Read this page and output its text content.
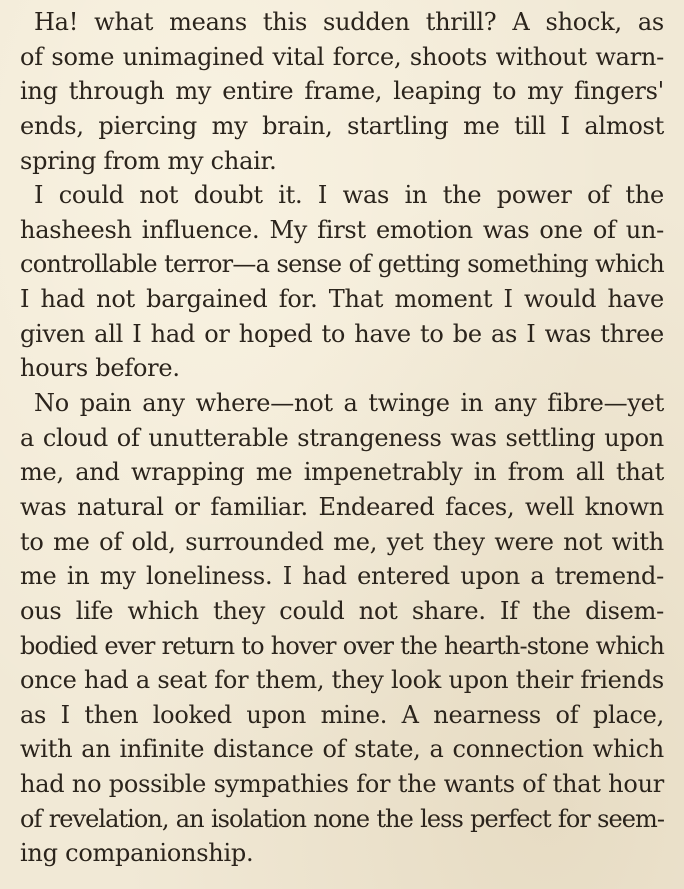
Ha! what means this sudden thrill? A shock, as
of some unimagined vital force, shoots without warn-
ing through my entire frame, leaping to my fingers'
ends, piercing my brain, startling me till I almost
spring from my chair.
I could not doubt it. I was in the power of the
hasheesh influence. My first emotion was one of un-
controllable terror—a sense of getting something which
I had not bargained for. That moment I would have
given all I had or hoped to have to be as I was three
hours before.
No pain any where—not a twinge in any fibre—yet
a cloud of unutterable strangeness was settling upon
me, and wrapping me impenetrably in from all that
was natural or familiar. Endeared faces, well known
to me of old, surrounded me, yet they were not with
me in my loneliness. I had entered upon a tremend-
ous life which they could not share. If the disem-
bodied ever return to hover over the hearth-stone which
once had a seat for them, they look upon their friends
as I then looked upon mine. A nearness of place,
with an infinite distance of state, a connection which
had no possible sympathies for the wants of that hour
of revelation, an isolation none the less perfect for seem-
ing companionship.
